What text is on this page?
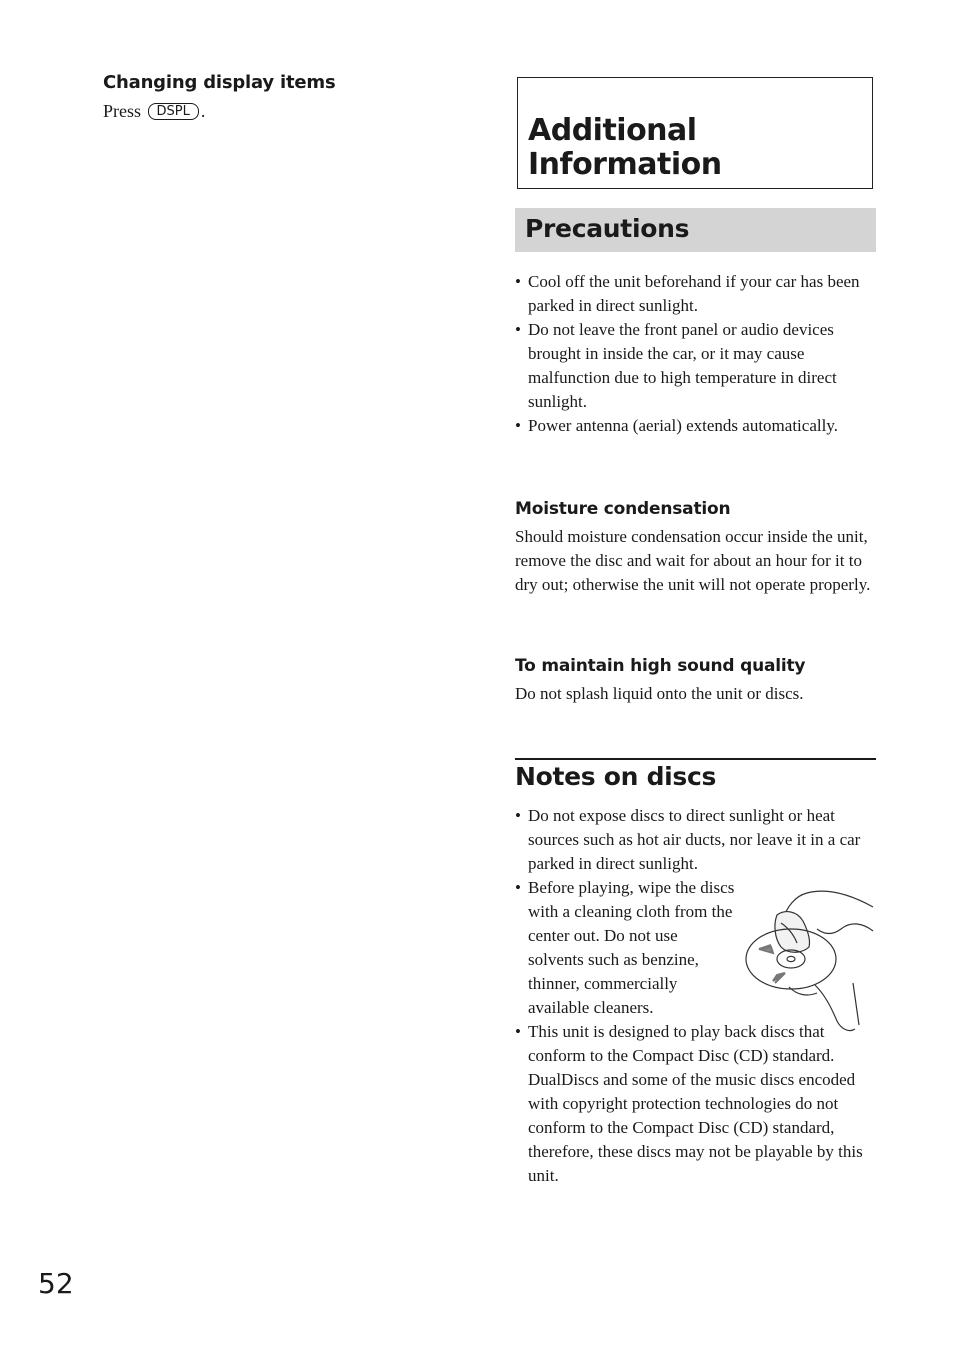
Changing display items

Press DSPL .

Additional
Information
Precautions
• Cool off the unit beforehand if your car has been parked in direct sunlight.
• Do not leave the front panel or audio devices brought in inside the car, or it may cause malfunction due to high temperature in direct sunlight.
• Power antenna (aerial) extends automatically.
Moisture condensation

Should moisture condensation occur inside the unit, remove the disc and wait for about an hour for it to dry out; otherwise the unit will not operate properly.

To maintain high sound quality

Do not splash liquid onto the unit or discs.

Notes on discs
• Do not expose discs to direct sunlight or heat sources such as hot air ducts, nor leave it in a car parked in direct sunlight.
• Before playing, wipe the discs with a cleaning cloth from the center out. Do not use solvents such as benzine, thinner, commercially available cleaners.
• This unit is designed to play back discs that conform to the Compact Disc (CD) standard. DualDiscs and some of the music discs encoded with copyright protection technologies do not conform to the Compact Disc (CD) standard, therefore, these discs may not be playable by this unit.
52
